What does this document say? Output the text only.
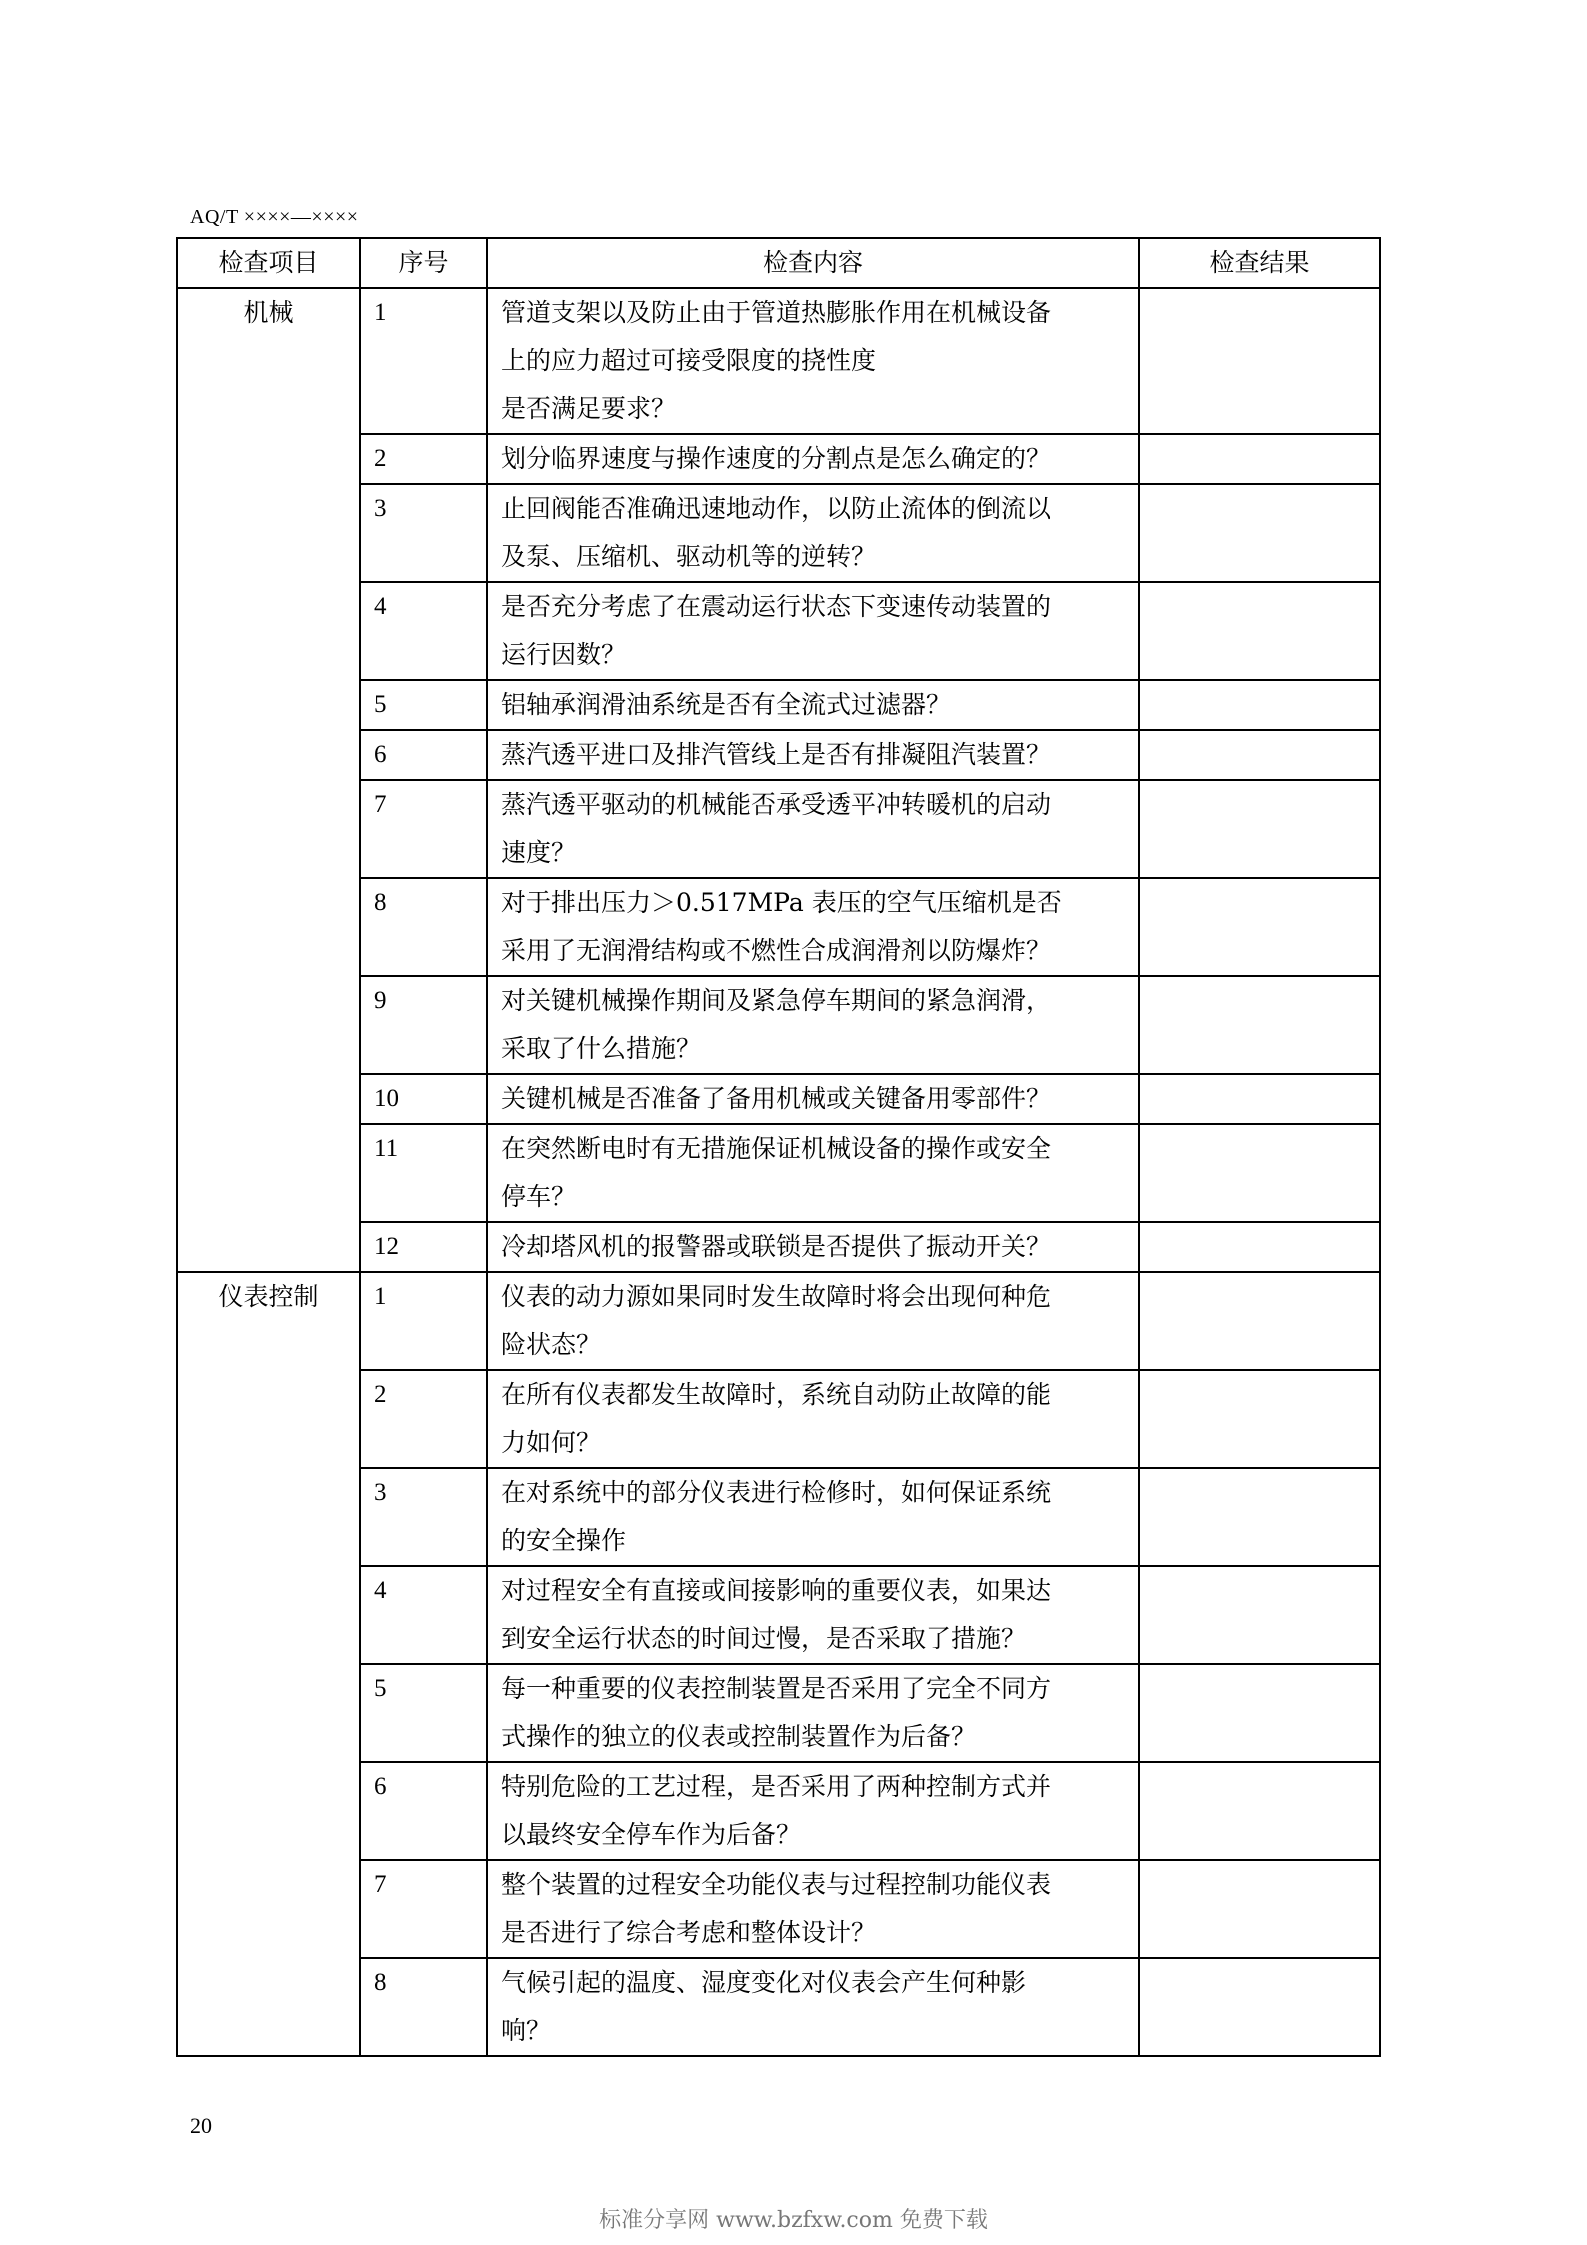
AQ/T ××××—××××
检查项目	序号	检查内容	检查结果
机械	1	管道支架以及防止由于管道热膨胀作用在机械设备
上的应力超过可接受限度的挠性度
是否满足要求？	

	2	划分临界速度与操作速度的分割点是怎么确定的？	

	3	止回阀能否准确迅速地动作，以防止流体的倒流以
及泵、压缩机、驱动机等的逆转？	

	4	是否充分考虑了在震动运行状态下变速传动装置的
运行因数？	

	5	铝轴承润滑油系统是否有全流式过滤器？	

	6	蒸汽透平进口及排汽管线上是否有排凝阻汽装置？	

	7	蒸汽透平驱动的机械能否承受透平冲转暖机的启动
速度？	

	8	对于排出压力＞0.517MPa 表压的空气压缩机是否
采用了无润滑结构或不燃性合成润滑剂以防爆炸？	

	9	对关键机械操作期间及紧急停车期间的紧急润滑，
采取了什么措施？	

	10	关键机械是否准备了备用机械或关键备用零部件？	

	11	在突然断电时有无措施保证机械设备的操作或安全
停车？	

	12	冷却塔风机的报警器或联锁是否提供了振动开关？	

仪表控制	1	仪表的动力源如果同时发生故障时将会出现何种危
险状态？	

	2	在所有仪表都发生故障时，系统自动防止故障的能
力如何？	

	3	在对系统中的部分仪表进行检修时，如何保证系统
的安全操作	

	4	对过程安全有直接或间接影响的重要仪表，如果达
到安全运行状态的时间过慢，是否采取了措施？	

	5	每一种重要的仪表控制装置是否采用了完全不同方
式操作的独立的仪表或控制装置作为后备？	

	6	特别危险的工艺过程，是否采用了两种控制方式并
以最终安全停车作为后备？	

	7	整个装置的过程安全功能仪表与过程控制功能仪表
是否进行了综合考虑和整体设计？	

	8	气候引起的温度、湿度变化对仪表会产生何种影
响？	

20
标准分享网 www.bzfxw.com 免费下载
